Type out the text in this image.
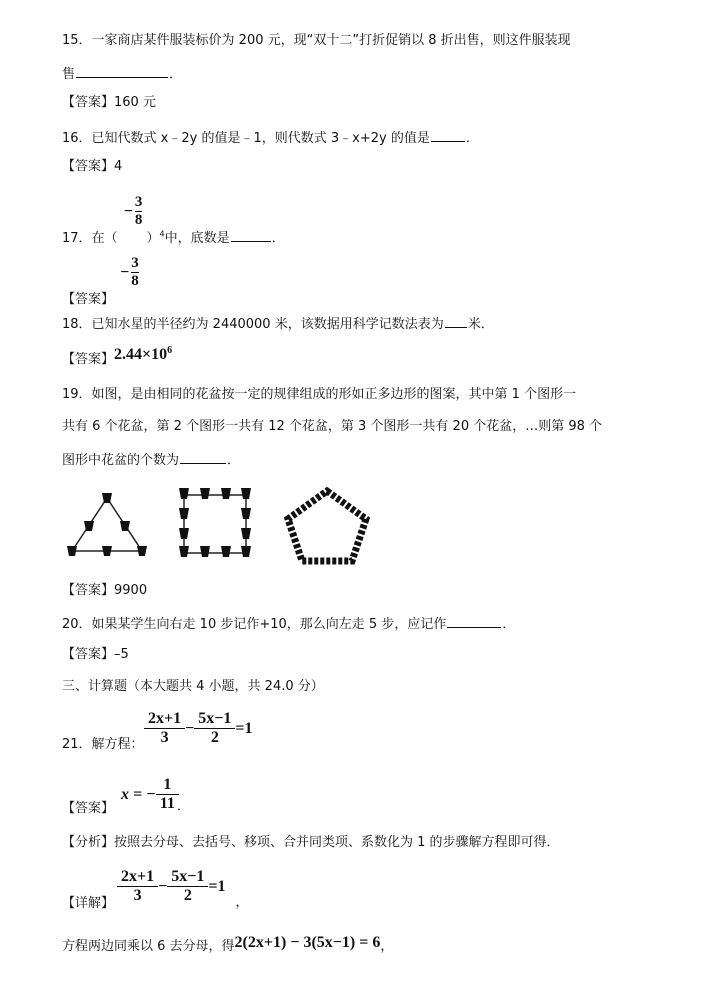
15．一家商店某件服装标价为 200 元，现“双十二”打折促销以 8 折出售，则这件服装现
售	．
【答案】160 元
16．已知代数式 x﹣2y 的值是﹣1，则代数式 3﹣x+2y 的值是	．
【答案】4
17．在（
− $\frac{3}{8}$
）$^4$中，底数是	．
【答案】
− $\frac{3}{8}$
18．已知水星的半径约为 2440000 米，该数据用科学记数法表为 米．
【答案】$2.44\times 10^6$
19．如图，是由相同的花盆按一定的规律组成的形如正多边形的图案，其中第 1 个图形一
共有 6 个花盆，第 2 个图形一共有 12 个花盆，第 3 个图形一共有 20 个花盆，…则第 98 个
图形中花盆的个数为	．
【答案】9900
20．如果某学生向右走 10 步记作+10，那么向左走 5 步，应记作	．
【答案】–5
三、计算题（本大题共 4 小题，共 24.0 分）
21．解方程： $\frac{2x+1}{3} - \frac{5x-1}{2} =1$
【答案】
x = − $\frac{1}{11}$ ．
【分析】按照去分母、去括号、移项、合并同类项、系数化为 1 的步骤解方程即可得．
【详解】 $\frac{2x+1}{3} - \frac{5x-1}{2} =1$
，
方程两边同乘以 6 去分母，得2(2x+1) − 3(5x−1) = 6，
